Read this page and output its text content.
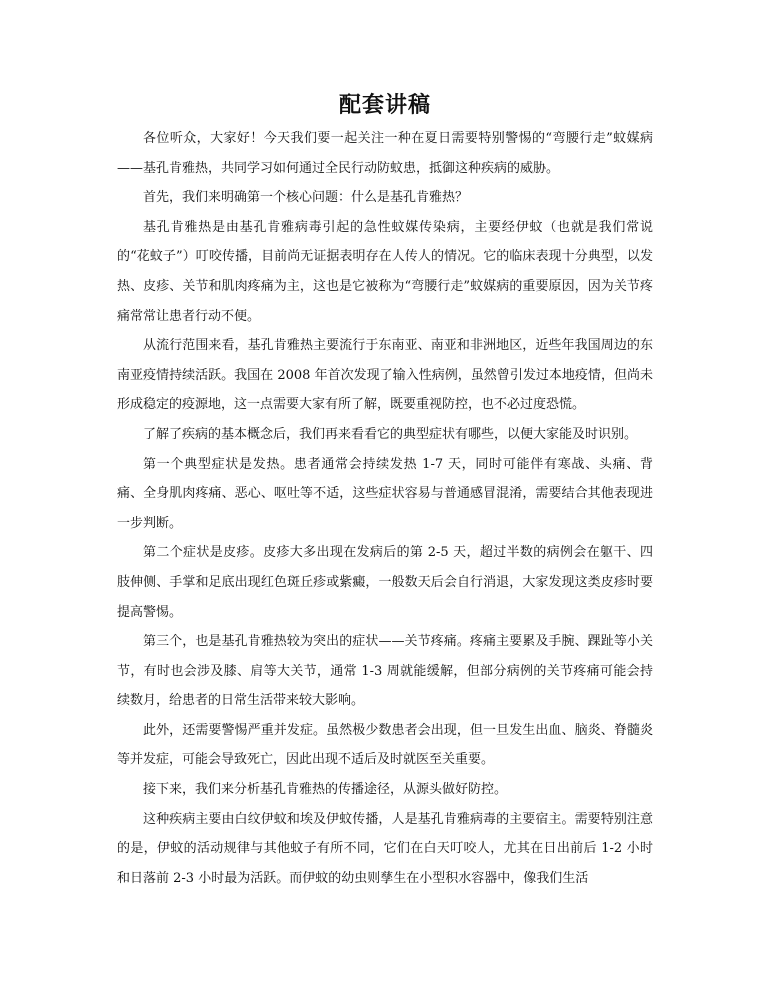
配套讲稿

各位听众，大家好！今天我们要一起关注一种在夏日需要特别警惕的“弯腰行走”蚊媒病——基孔肯雅热，共同学习如何通过全民行动防蚊患，抵御这种疾病的威胁。

首先，我们来明确第一个核心问题：什么是基孔肯雅热？

基孔肯雅热是由基孔肯雅病毒引起的急性蚊媒传染病，主要经伊蚊（也就是我们常说的“花蚊子”）叮咬传播，目前尚无证据表明存在人传人的情况。它的临床表现十分典型，以发热、皮疹、关节和肌肉疼痛为主，这也是它被称为“弯腰行走”蚊媒病的重要原因，因为关节疼痛常常让患者行动不便。

从流行范围来看，基孔肯雅热主要流行于东南亚、南亚和非洲地区，近些年我国周边的东南亚疫情持续活跃。我国在 2008 年首次发现了输入性病例，虽然曾引发过本地疫情，但尚未形成稳定的疫源地，这一点需要大家有所了解，既要重视防控，也不必过度恐慌。

了解了疾病的基本概念后，我们再来看看它的典型症状有哪些，以便大家能及时识别。

第一个典型症状是发热。患者通常会持续发热 1-7 天，同时可能伴有寒战、头痛、背痛、全身肌肉疼痛、恶心、呕吐等不适，这些症状容易与普通感冒混淆，需要结合其他表现进一步判断。

第二个症状是皮疹。皮疹大多出现在发病后的第 2-5 天，超过半数的病例会在躯干、四肢伸侧、手掌和足底出现红色斑丘疹或紫癜，一般数天后会自行消退，大家发现这类皮疹时要提高警惕。

第三个，也是基孔肯雅热较为突出的症状——关节疼痛。疼痛主要累及手腕、踝趾等小关节，有时也会涉及膝、肩等大关节，通常 1-3 周就能缓解，但部分病例的关节疼痛可能会持续数月，给患者的日常生活带来较大影响。

此外，还需要警惕严重并发症。虽然极少数患者会出现，但一旦发生出血、脑炎、脊髓炎等并发症，可能会导致死亡，因此出现不适后及时就医至关重要。

接下来，我们来分析基孔肯雅热的传播途径，从源头做好防控。

这种疾病主要由白纹伊蚊和埃及伊蚊传播，人是基孔肯雅病毒的主要宿主。需要特别注意的是，伊蚊的活动规律与其他蚊子有所不同，它们在白天叮咬人，尤其在日出前后 1-2 小时和日落前 2-3 小时最为活跃。而伊蚊的幼虫则孳生在小型积水容器中，像我们生活
